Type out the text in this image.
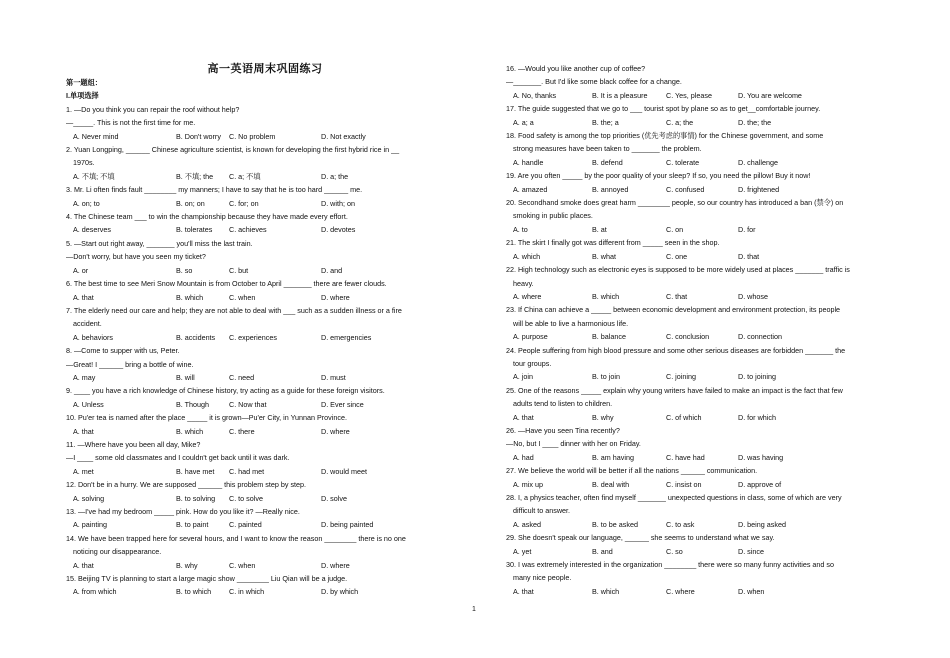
高一英语周末巩固练习
第一题组：
I.单项选择
1. —Do you think you can repair the roof without help?
—_____. This is not the first time for me.
A. Never mind	B. Don't worry	C. No problem	D. Not exactly
2. Yuan Longping, ______ Chinese agriculture scientist, is known for developing the first hybrid rice in __
1970s.
A. 不填; 不填	B. 不填; the	C. a; 不填	D. a; the
3. Mr. Li often finds fault ________ my manners; I have to say that he is too hard ______ me.
A. on; to	B. on; on	C. for; on	D. with; on
4. The Chinese team ___ to win the championship because they have made every effort.
A. deserves	B. tolerates	C. achieves	D. devotes
5. —Start out right away, _______ you'll miss the last train.
—Don't worry, but have you seen my ticket?
A. or	B. so	C. but	D. and
6. The best time to see Meri Snow Mountain is from October to April _______ there are fewer clouds.
A. that	B. which	C. when	D. where
7. The elderly need our care and help; they are not able to deal with ___ such as a sudden illness or a fire
accident.
A. behaviors	B. accidents	C. experiences	D. emergencies
8. —Come to supper with us, Peter.
—Great! I ______ bring a bottle of wine.
A. may	B. will	C. need	D. must
9. ____ you have a rich knowledge of Chinese history, try acting as a guide for these foreign visitors.
A. Unless	B. Though	C. Now that	D. Ever since
10. Pu'er tea is named after the place _____ it is grown—Pu'er City, in Yunnan Province.
A. that	B. which	C. there	D. where
11. —Where have you been all day, Mike?
—I ____ some old classmates and I couldn't get back until it was dark.
A. met	B. have met	C. had met	D. would meet
12. Don't be in a hurry. We are supposed ______ this problem step by step.
A. solving	B. to solving	C. to solve	D. solve
13. —I've had my bedroom _____ pink. How do you like it? —Really nice.
A. painting	B. to paint	C. painted	D. being painted
14. We have been trapped here for several hours, and I want to know the reason ________ there is no one
noticing our disappearance.
A. that	B. why	C. when	D. where
15. Beijing TV is planning to start a large magic show ________ Liu Qian will be a judge.
A. from which	B. to which	C. in which	D. by which
16. —Would you like another cup of coffee?
—_______. But I'd like some black coffee for a change.
A. No, thanks	B. It is a pleasure	C. Yes, please	D. You are welcome
17. The guide suggested that we go to ___ tourist spot by plane so as to get__comfortable journey.
A. a; a	B. the; a	C. a; the	D. the; the
18. Food safety is among the top priorities (优先考虑的事情) for the Chinese government, and some
strong measures have been taken to _______ the problem.
A. handle	B. defend	C. tolerate	D. challenge
19. Are you often _____ by the poor quality of your sleep? If so, you need the pillow! Buy it now!
A. amazed	B. annoyed	C. confused	D. frightened
20. Secondhand smoke does great harm ________ people, so our country has introduced a ban (禁令) on
smoking in public places.
A. to	B. at	C. on	D. for
21. The skirt I finally got was different from _____ seen in the shop.
A. which	B. what	C. one	D. that
22. High technology such as electronic eyes is supposed to be more widely used at places _______ traffic is
heavy.
A. where	B. which	C. that	D. whose
23. If China can achieve a _____ between economic development and environment protection, its people
will be able to live a harmonious life.
A. purpose	B. balance	C. conclusion	D. connection
24. People suffering from high blood pressure and some other serious diseases are forbidden _______ the
tour groups.
A. join	B. to join	C. joining	D. to joining
25. One of the reasons _____ explain why young writers have failed to make an impact is the fact that few
adults tend to listen to children.
A. that	B. why	C. of which	D. for which
26. —Have you seen Tina recently?
—No, but I ____ dinner with her on Friday.
A. had	B. am having	C. have had	D. was having
27. We believe the world will be better if all the nations ______ communication.
A. mix up	B. deal with	C. insist on	D. approve of
28. I, a physics teacher, often find myself _______ unexpected questions in class, some of which are very
difficult to answer.
A. asked	B. to be asked	C. to ask	D. being asked
29. She doesn't speak our language, ______ she seems to understand what we say.
A. yet	B. and	C. so	D. since
30. I was extremely interested in the organization ________ there were so many funny activities and so
many nice people.
A. that	B. which	C. where	D. when
1
